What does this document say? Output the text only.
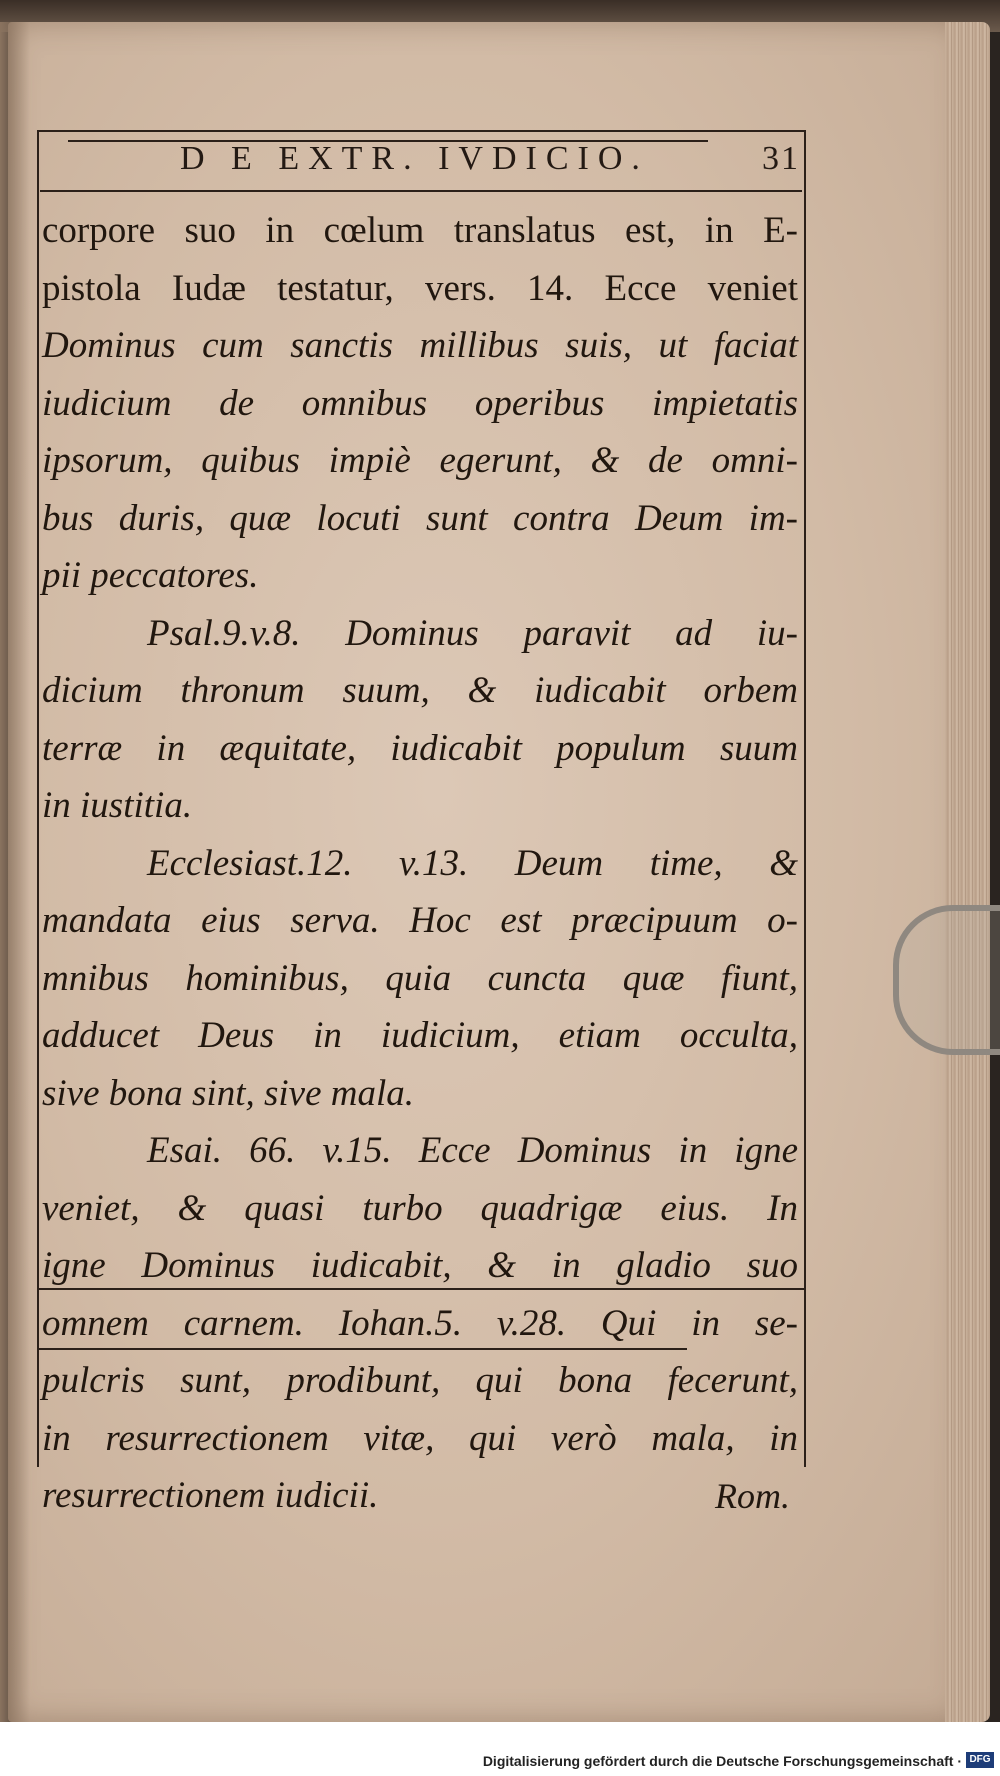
D E EXTR. IVDICIO.	31
corpore suo in cœlum translatus est, in E-
pistola Iudæ testatur, vers. 14. Ecce veniet
Dominus cum sanctis millibus suis, ut faciat
iudicium de omnibus operibus impietatis
ipsorum, quibus impiè egerunt, & de omni-
bus duris, quæ locuti sunt contra Deum im-
pii peccatores.
Psal.9.v.8. Dominus paravit ad iu-
dicium thronum suum, & iudicabit orbem
terræ in æquitate, iudicabit populum suum
in iustitia.
Ecclesiast.12. v.13. Deum time, &
mandata eius serva. Hoc est præcipuum o-
mnibus hominibus, quia cuncta quæ fiunt,
adducet Deus in iudicium, etiam occulta,
sive bona sint, sive mala.
Esai. 66. v.15. Ecce Dominus in igne
veniet, & quasi turbo quadrigæ eius. In
igne Dominus iudicabit, & in gladio suo
omnem carnem. Iohan.5. v.28. Qui in se-
pulcris sunt, prodibunt, qui bona fecerunt,
in resurrectionem vitæ, qui verò mala, in
resurrectionem iudicii.	Rom.
Digitalisierung gefördert durch die Deutsche Forschungsgemeinschaft · DFG
